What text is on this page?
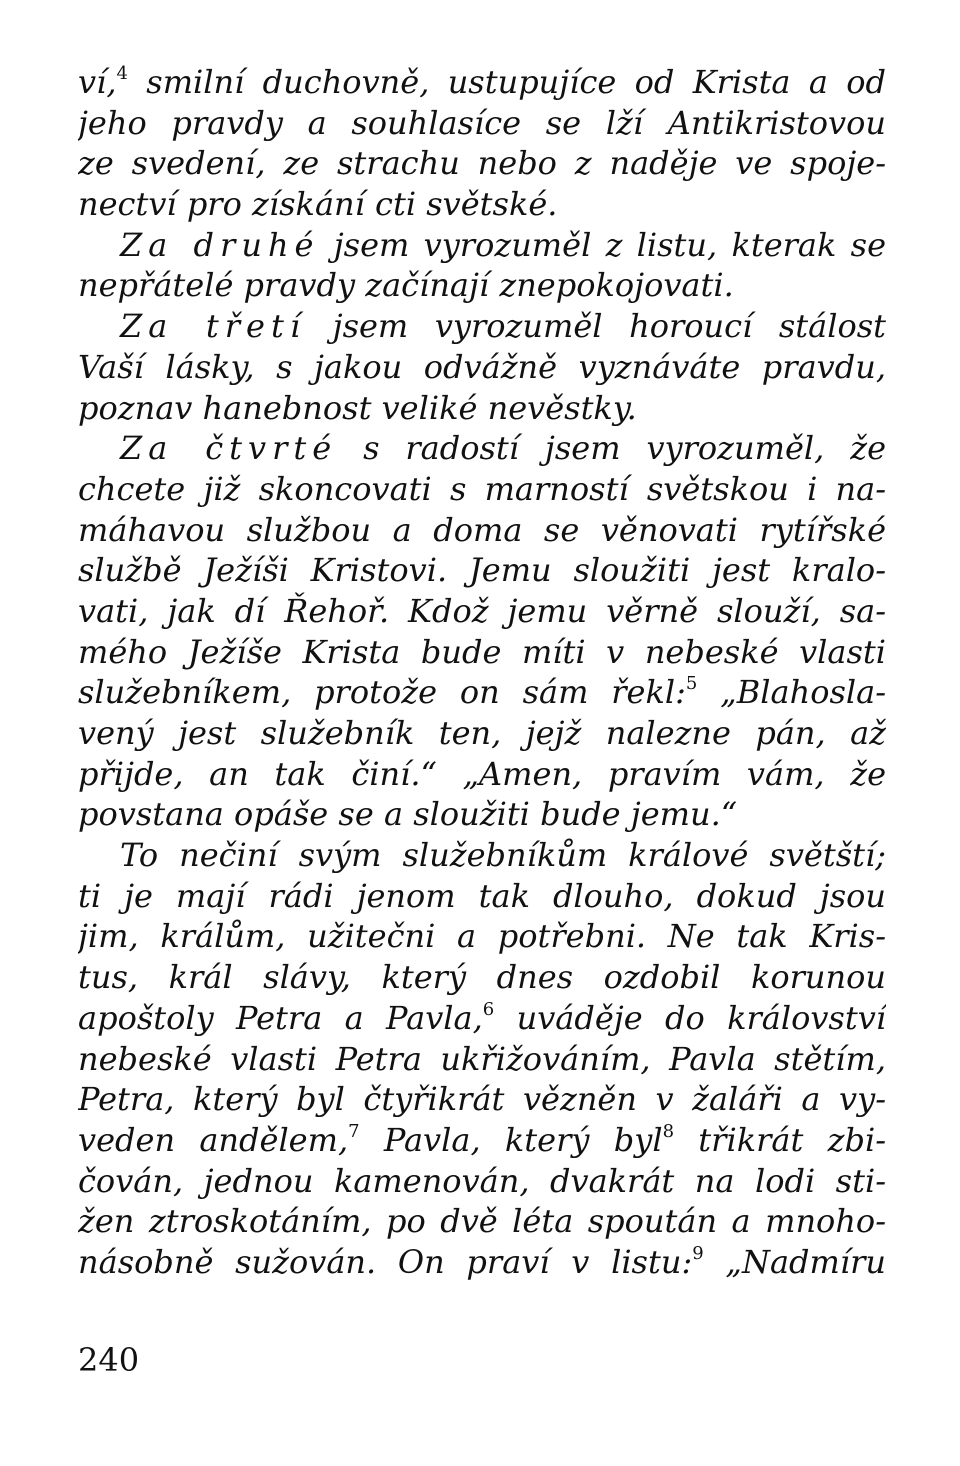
ví,$^4$ smilní duchovně, ustupujíce od Krista a od
jeho pravdy a souhlasíce se lží Antikristovou
ze svedení, ze strachu nebo z naděje ve spoje-
nectví pro získání cti světské.
Za druhé jsem vyrozuměl z listu, kterak se
nepřátelé pravdy začínají znepokojovati.
Za třetí jsem vyrozuměl horoucí stálost
Vaší lásky, s jakou odvážně vyznáváte pravdu,
poznav hanebnost veliké nevěstky.
Za čtvrté s radostí jsem vyrozuměl, že
chcete již skoncovati s marností světskou i na-
máhavou službou a doma se věnovati rytířské
službě Ježíši Kristovi. Jemu sloužiti jest kralo-
vati, jak dí Řehoř. Kdož jemu věrně slouží, sa-
mého Ježíše Krista bude míti v nebeské vlasti
služebníkem, protože on sám řekl:$^5$ „Blahosla-
vený jest služebník ten, jejž nalezne pán, až
přijde, an tak činí.“ „Amen, pravím vám, že
povstana opáše se a sloužiti bude jemu.“
To nečiní svým služebníkům králové světští;
ti je mají rádi jenom tak dlouho, dokud jsou
jim, králům, užitečni a potřebni. Ne tak Kris-
tus, král slávy, který dnes ozdobil korunou
apoštoly Petra a Pavla,$^6$ uváděje do království
nebeské vlasti Petra ukřižováním, Pavla stětím,
Petra, který byl čtyřikrát vězněn v žaláři a vy-
veden andělem,$^7$ Pavla, který byl$^8$ třikrát zbi-
čován, jednou kamenován, dvakrát na lodi sti-
žen ztroskotáním, po dvě léta spoután a mnoho-
násobně sužován. On praví v listu:$^9$ „Nadmíru
240
